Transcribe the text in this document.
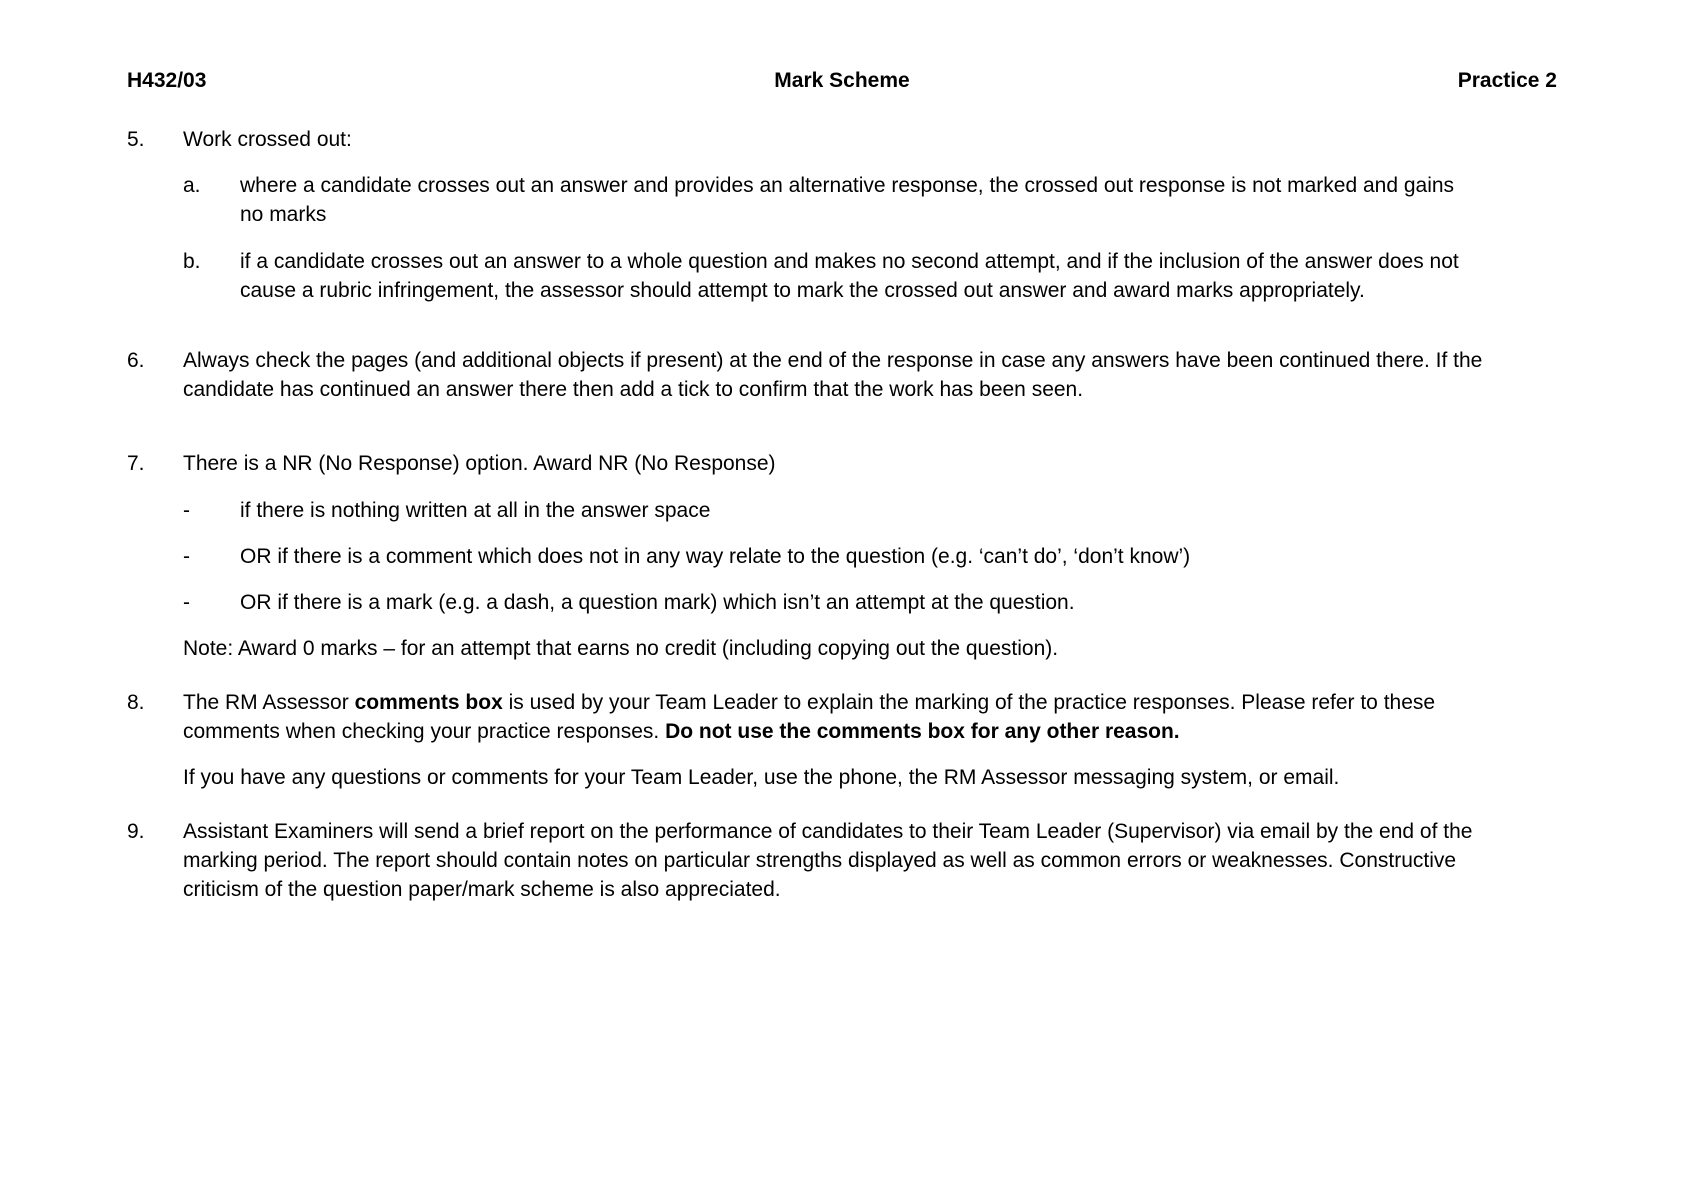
H432/03	Mark Scheme	Practice 2
5. Work crossed out:

a. where a candidate crosses out an answer and provides an alternative response, the crossed out response is not marked and gains no marks

b. if a candidate crosses out an answer to a whole question and makes no second attempt, and if the inclusion of the answer does not cause a rubric infringement, the assessor should attempt to mark the crossed out answer and award marks appropriately.

6. Always check the pages (and additional objects if present) at the end of the response in case any answers have been continued there. If the candidate has continued an answer there then add a tick to confirm that the work has been seen.

7. There is a NR (No Response) option. Award NR (No Response)

- if there is nothing written at all in the answer space

- OR if there is a comment which does not in any way relate to the question (e.g. ‘can’t do’, ‘don’t know’)

- OR if there is a mark (e.g. a dash, a question mark) which isn’t an attempt at the question.

Note: Award 0 marks – for an attempt that earns no credit (including copying out the question).

8. The RM Assessor comments box is used by your Team Leader to explain the marking of the practice responses. Please refer to these comments when checking your practice responses. Do not use the comments box for any other reason.

If you have any questions or comments for your Team Leader, use the phone, the RM Assessor messaging system, or email.

9. Assistant Examiners will send a brief report on the performance of candidates to their Team Leader (Supervisor) via email by the end of the marking period. The report should contain notes on particular strengths displayed as well as common errors or weaknesses. Constructive criticism of the question paper/mark scheme is also appreciated.
